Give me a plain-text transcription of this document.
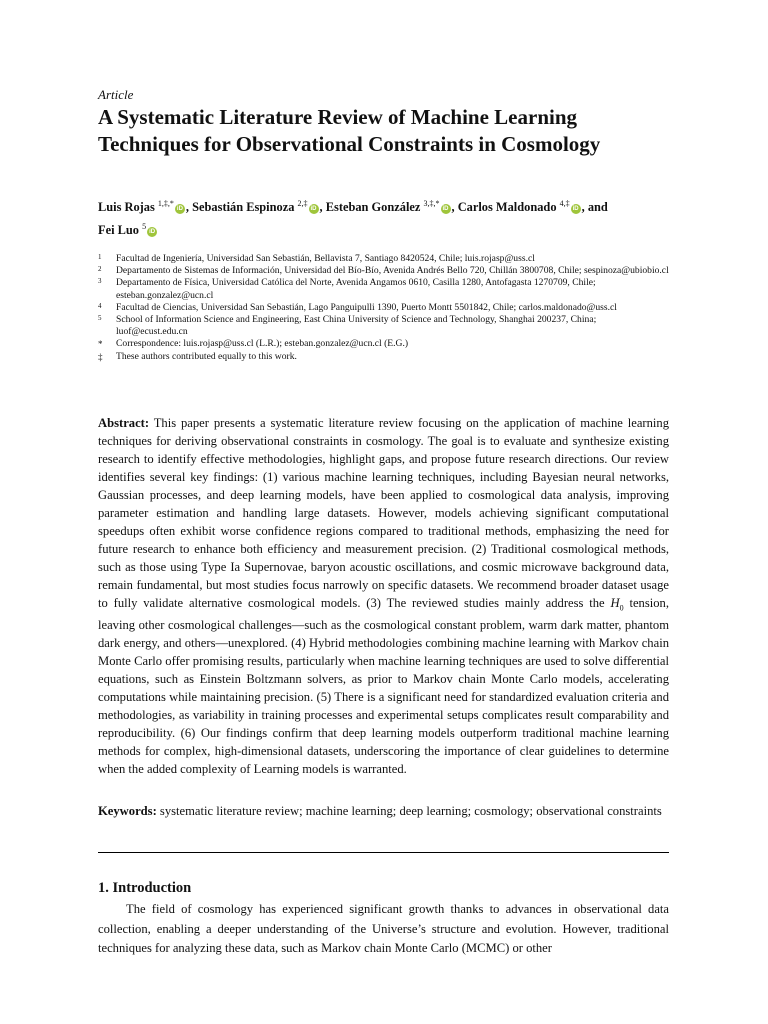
Article
A Systematic Literature Review of Machine Learning Techniques for Observational Constraints in Cosmology
Luis Rojas $^{1,\ddagger,*}$iD , Sebastián Espinoza $^{2,\ddagger}$iD , Esteban González $^{3,\ddagger,*}$iD , Carlos Maldonado $^{4,\ddagger}$iD , and
Fei Luo $^5$iD
1 Facultad de Ingeniería, Universidad San Sebastián, Bellavista 7, Santiago 8420524, Chile; luis.rojasp@uss.cl
2 Departamento de Sistemas de Información, Universidad del Bío-Bío, Avenida Andrés Bello 720, Chillán 3800708, Chile; sespinoza@ubiobio.cl
3 Departamento de Física, Universidad Católica del Norte, Avenida Angamos 0610, Casilla 1280, Antofagasta 1270709, Chile; esteban.gonzalez@ucn.cl
4 Facultad de Ciencias, Universidad San Sebastián, Lago Panguipulli 1390, Puerto Montt 5501842, Chile; carlos.maldonado@uss.cl
5 School of Information Science and Engineering, East China University of Science and Technology, Shanghai 200237, China; luof@ecust.edu.cn
* Correspondence: luis.rojasp@uss.cl (L.R.); esteban.gonzalez@ucn.cl (E.G.)
‡ These authors contributed equally to this work.

Abstract: This paper presents a systematic literature review focusing on the application of machine learning techniques for deriving observational constraints in cosmology. The goal is to evaluate and synthesize existing research to identify effective methodologies, highlight gaps, and propose future research directions. Our review identifies several key findings: (1) various machine learning techniques, including Bayesian neural networks, Gaussian processes, and deep learning models, have been applied to cosmological data analysis, improving parameter estimation and handling large datasets. However, models achieving significant computational speedups often exhibit worse confidence regions compared to traditional methods, emphasizing the need for future research to enhance both efficiency and measurement precision. (2) Traditional cosmological methods, such as those using Type Ia Supernovae, baryon acoustic oscillations, and cosmic microwave background data, remain fundamental, but most studies focus narrowly on specific datasets. We recommend broader dataset usage to fully validate alternative cosmological models. (3) The reviewed studies mainly address the $H_0$ tension, leaving other cosmological challenges—such as the cosmological constant problem, warm dark matter, phantom dark energy, and others—unexplored. (4) Hybrid methodologies combining machine learning with Markov chain Monte Carlo offer promising results, particularly when machine learning techniques are used to solve differential equations, such as Einstein Boltzmann solvers, as prior to Markov chain Monte Carlo models, accelerating computations while maintaining precision. (5) There is a significant need for standardized evaluation criteria and methodologies, as variability in training processes and experimental setups complicates result comparability and reproducibility. (6) Our findings confirm that deep learning models outperform traditional machine learning methods for complex, high-dimensional datasets, underscoring the importance of clear guidelines to determine when the added complexity of Learning models is warranted.

Keywords: systematic literature review; machine learning; deep learning; cosmology; observational constraints

1. Introduction

The field of cosmology has experienced significant growth thanks to advances in observational data collection, enabling a deeper understanding of the Universe’s structure and evolution. However, traditional techniques for analyzing these data, such as Markov chain Monte Carlo (MCMC) or other
